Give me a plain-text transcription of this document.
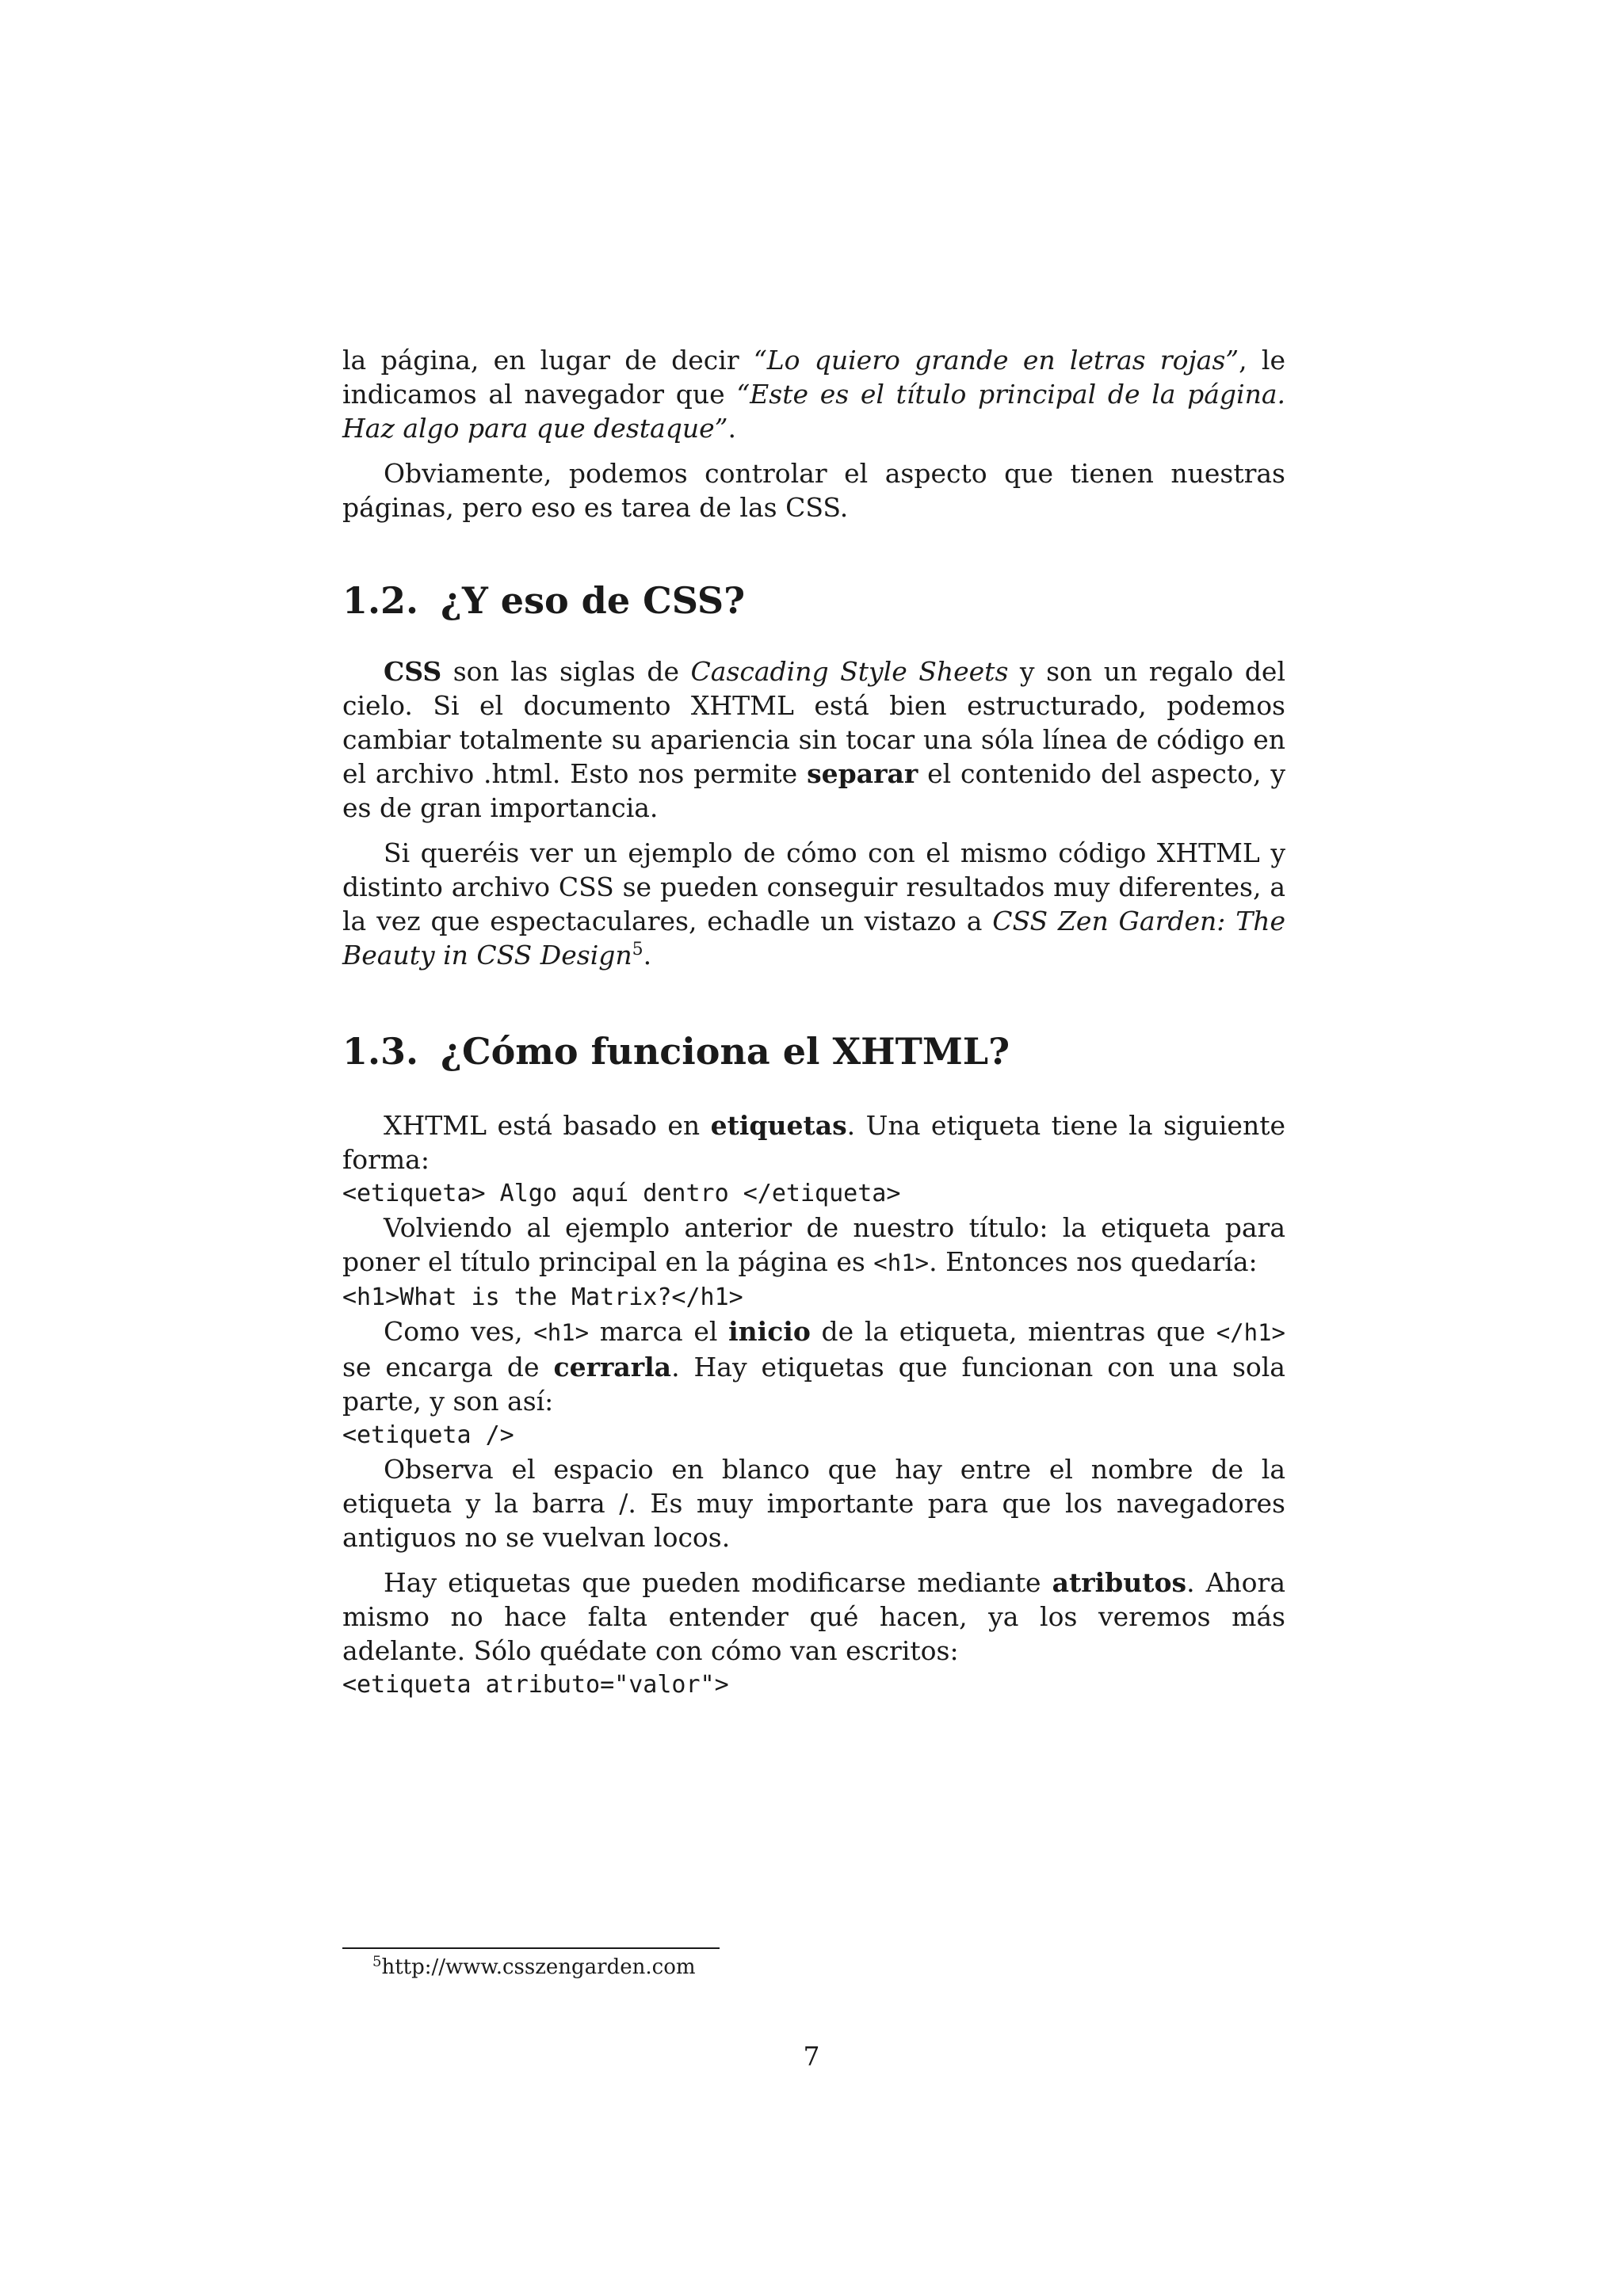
la página, en lugar de decir “Lo quiero grande en letras rojas”, le indicamos al navegador que “Este es el título principal de la página. Haz algo para que destaque”.

Obviamente, podemos controlar el aspecto que tienen nuestras páginas, pero eso es tarea de las CSS.

1.2. ¿Y eso de CSS?

CSS son las siglas de Cascading Style Sheets y son un regalo del cielo. Si el documento XHTML está bien estructurado, podemos cambiar totalmente su apariencia sin tocar una sóla línea de código en el archivo .html. Esto nos permite separar el contenido del aspecto, y es de gran importancia.

Si queréis ver un ejemplo de cómo con el mismo código XHTML y distinto archivo CSS se pueden conseguir resultados muy diferentes, a la vez que espectaculares, echadle un vistazo a CSS Zen Garden: The Beauty in CSS Design$^5$.

1.3. ¿Cómo funciona el XHTML?

XHTML está basado en etiquetas. Una etiqueta tiene la siguiente forma:

<etiqueta> Algo aquí dentro </etiqueta>

Volviendo al ejemplo anterior de nuestro título: la etiqueta para poner el título principal en la página es <h1>. Entonces nos quedaría:

<h1>What is the Matrix?</h1>

Como ves, <h1> marca el inicio de la etiqueta, mientras que </h1> se encarga de cerrarla. Hay etiquetas que funcionan con una sola parte, y son así:

<etiqueta />

Observa el espacio en blanco que hay entre el nombre de la etiqueta y la barra /. Es muy importante para que los navegadores antiguos no se vuelvan locos.

Hay etiquetas que pueden modificarse mediante atributos. Ahora mismo no hace falta entender qué hacen, ya los veremos más adelante. Sólo quédate con cómo van escritos:

<etiqueta atributo="valor">
$^5$http://www.csszengarden.com
7
